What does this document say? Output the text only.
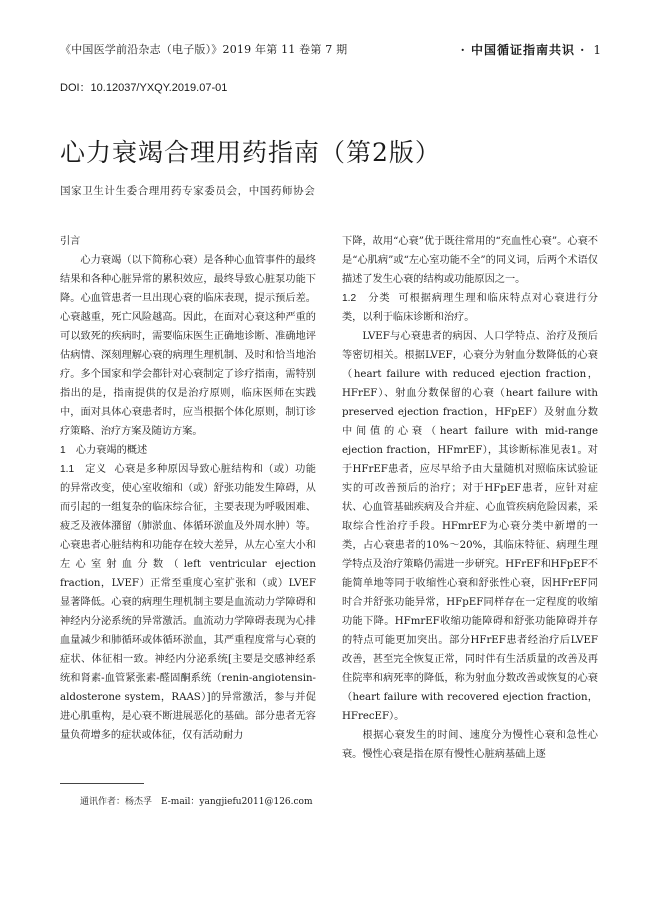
《中国医学前沿杂志（电子版）》2019 年第 11 卷第 7 期	· 中国循证指南共识 · 1
DOI：10.12037/YXQY.2019.07-01
心力衰竭合理用药指南（第2版）
国家卫生计生委合理用药专家委员会，中国药师协会

引言

心力衰竭（以下简称心衰）是各种心血管事件的最终结果和各种心脏异常的累积效应，最终导致心脏泵功能下降。心血管患者一旦出现心衰的临床表现，提示预后差。心衰越重，死亡风险越高。因此，在面对心衰这种严重的可以致死的疾病时，需要临床医生正确地诊断、准确地评估病情、深刻理解心衰的病理生理机制、及时和恰当地治疗。多个国家和学会都针对心衰制定了诊疗指南，需特别指出的是，指南提供的仅是治疗原则，临床医师在实践中，面对具体心衰患者时，应当根据个体化原则，制订诊疗策略、治疗方案及随访方案。

1　心力衰竭的概述

1.1　定义 心衰是多种原因导致心脏结构和（或）功能的异常改变，使心室收缩和（或）舒张功能发生障碍，从而引起的一组复杂的临床综合征，主要表现为呼吸困难、疲乏及液体潴留（肺淤血、体循环淤血及外周水肿）等。心衰患者心脏结构和功能存在较大差异，从左心室大小和左心室射血分数（left ventricular ejection fraction，LVEF）正常至重度心室扩张和（或）LVEF显著降低。心衰的病理生理机制主要是血流动力学障碍和神经内分泌系统的异常激活。血流动力学障碍表现为心排血量减少和肺循环或体循环淤血，其严重程度常与心衰的症状、体征相一致。神经内分泌系统[主要是交感神经系统和肾素-血管紧张素-醛固酮系统（renin-angiotensin-aldosterone system，RAAS）]的异常激活，参与并促进心肌重构，是心衰不断进展恶化的基础。部分患者无容量负荷增多的症状或体征，仅有活动耐力

下降，故用“心衰”优于既往常用的“充血性心衰”。心衰不是“心肌病”或“左心室功能不全”的同义词，后两个术语仅描述了发生心衰的结构或功能原因之一。

1.2　分类 可根据病理生理和临床特点对心衰进行分类，以利于临床诊断和治疗。

LVEF与心衰患者的病因、人口学特点、治疗及预后等密切相关。根据LVEF，心衰分为射血分数降低的心衰（heart failure with reduced ejection fraction，HFrEF）、射血分数保留的心衰（heart failure with preserved ejection fraction，HFpEF）及射血分数中间值的心衰（heart failure with mid-range ejection fraction，HFmrEF），其诊断标准见表1。对于HFrEF患者，应尽早给予由大量随机对照临床试验证实的可改善预后的治疗；对于HFpEF患者，应针对症状、心血管基础疾病及合并症、心血管疾病危险因素，采取综合性治疗手段。HFmrEF为心衰分类中新增的一类，占心衰患者的10%～20%，其临床特征、病理生理学特点及治疗策略仍需进一步研究。HFrEF和HFpEF不能简单地等同于收缩性心衰和舒张性心衰，因HFrEF同时合并舒张功能异常，HFpEF同样存在一定程度的收缩功能下降。HFmrEF收缩功能障碍和舒张功能障碍并存的特点可能更加突出。部分HFrEF患者经治疗后LVEF改善，甚至完全恢复正常，同时伴有生活质量的改善及再住院率和病死率的降低，称为射血分数改善或恢复的心衰（heart failure with recovered ejection fraction，HFrecEF）。

根据心衰发生的时间、速度分为慢性心衰和急性心衰。慢性心衰是指在原有慢性心脏病基础上逐

通讯作者：杨杰孚　E-mail：yangjiefu2011@126.com
